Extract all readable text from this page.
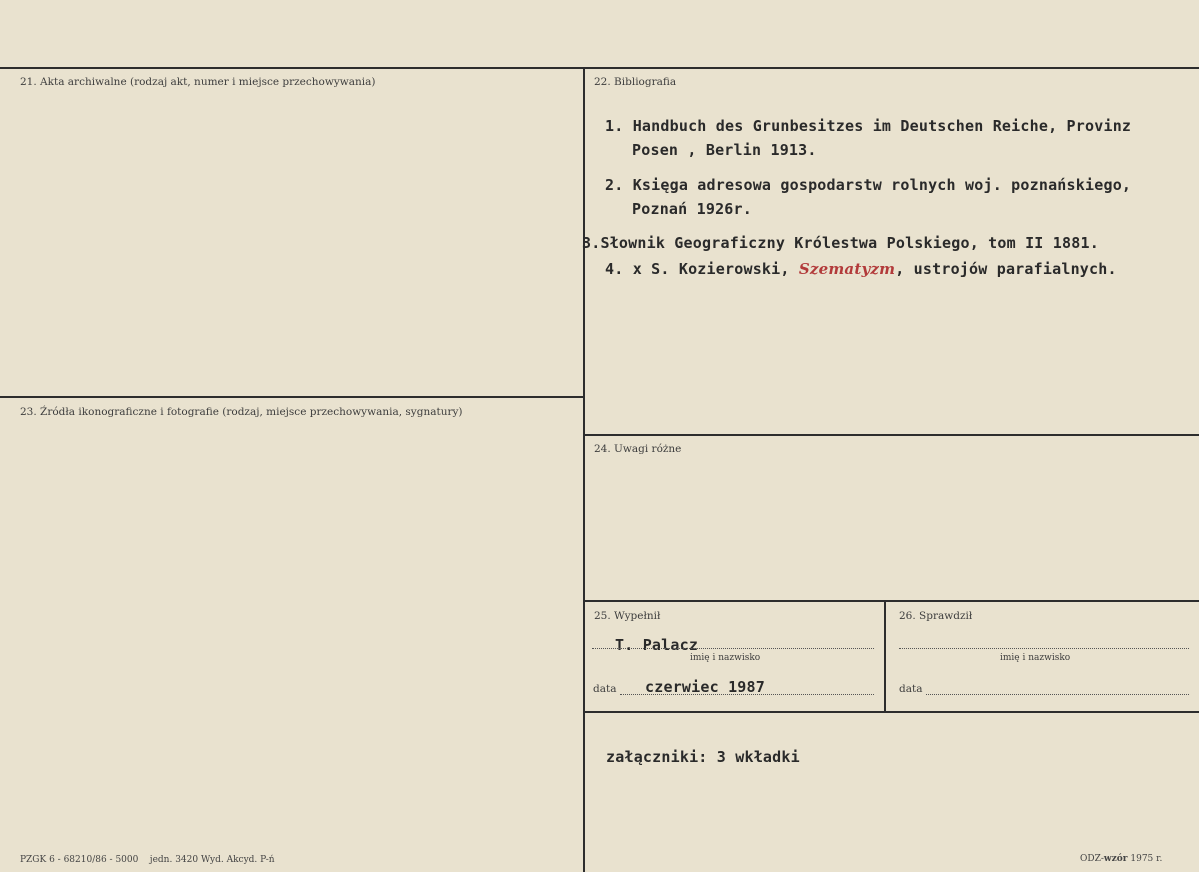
21. Akta archiwalne (rodzaj akt, numer i miejsce przechowywania)	22. Bibliografia
1. Handbuch des Grunbesitzes im Deutschen Reiche, Provinz
Posen , Berlin 1913.
2. Księga adresowa gospodarstw rolnych woj. poznańskiego,
Poznań 1926r.
3.Słownik Geograficzny Królestwa Polskiego, tom II 1881.
4. x S. Kozierowski, Szematyzm, ustrojów parafialnych.
23. Źródła ikonograficzne i fotografie (rodzaj, miejsce przechowywania, sygnatury)
24. Uwagi różne
25. Wypełnił
T. Palacz
imię i nazwisko
data czerwiec 1987
26. Sprawdził
imię i nazwisko
data
załączniki: 3 wkładki
PZGK 6 - 68210/86 - 5000    jedn. 3420 Wyd. Akcyd. P-ń	ODZ-wzór 1975 r.
